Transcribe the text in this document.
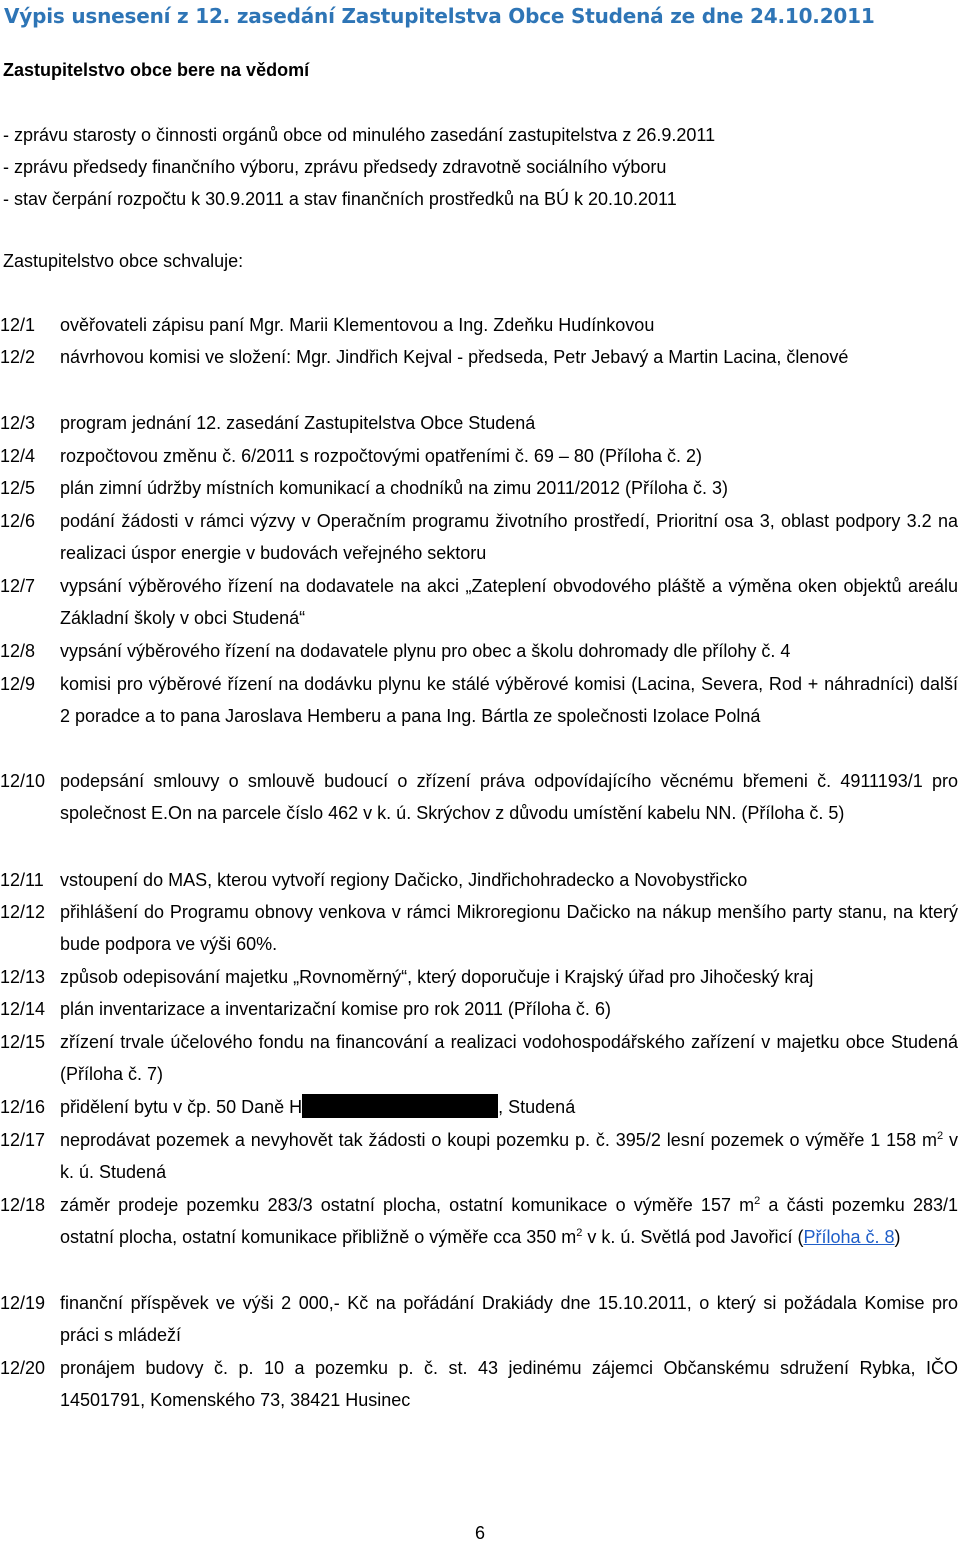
Výpis usnesení z 12. zasedání Zastupitelstva Obce Studená ze dne 24.10.2011

Zastupitelstvo obce bere na vědomí

- zprávu starosty o činnosti orgánů obce od minulého zasedání zastupitelstva z 26.9.2011

- zprávu předsedy finančního výboru, zprávu předsedy zdravotně sociálního výboru

- stav čerpání rozpočtu k 30.9.2011 a stav finančních prostředků na BÚ k 20.10.2011

Zastupitelstvo obce schvaluje:

12/1	ověřovateli zápisu paní Mgr. Marii Klementovou a Ing. Zdeňku Hudínkovou
12/2	návrhovou komisi ve složení: Mgr. Jindřich Kejval - předseda, Petr Jebavý a Martin Lacina, členové
12/3	program jednání 12. zasedání Zastupitelstva Obce Studená
12/4	rozpočtovou změnu č. 6/2011 s rozpočtovými opatřeními č. 69 – 80 (Příloha č. 2)
12/5	plán zimní údržby místních komunikací a chodníků na zimu 2011/2012 (Příloha č. 3)
12/6	podání žádosti v rámci výzvy v Operačním programu životního prostředí, Prioritní osa 3, oblast podpory 3.2 na realizaci úspor energie v budovách veřejného sektoru
12/7	vypsání výběrového řízení na dodavatele na akci „Zateplení obvodového pláště a výměna oken objektů areálu Základní školy v obci Studená“
12/8	vypsání výběrového řízení na dodavatele plynu pro obec a školu dohromady dle přílohy č. 4
12/9	komisi pro výběrové řízení na dodávku plynu ke stálé výběrové komisi (Lacina, Severa, Rod + náhradníci) další 2 poradce a to pana Jaroslava Hemberu a pana Ing. Bártla ze společnosti Izolace Polná
12/10 podepsání smlouvy o smlouvě budoucí o zřízení práva odpovídajícího věcnému břemeni č. 4911193/1 pro společnost E.On na parcele číslo 462 v k. ú. Skrýchov z důvodu umístění kabelu NN. (Příloha č. 5)
12/11 vstoupení do MAS, kterou vytvoří regiony Dačicko, Jindřichohradecko a Novobystřicko
12/12 přihlášení do Programu obnovy venkova v rámci Mikroregionu Dačicko na nákup menšího party stanu, na který bude podpora ve výši 60%.
12/13 způsob odepisování majetku „Rovnoměrný“, který doporučuje i Krajský úřad pro Jihočeský kraj
12/14 plán inventarizace a inventarizační komise pro rok 2011 (Příloha č. 6)
12/15 zřízení trvale účelového fondu na financování a realizaci vodohospodářského zařízení v majetku obce Studená (Příloha č. 7)
12/16 přidělení bytu v čp. 50 Daně H	, Studená
12/17 neprodávat pozemek a nevyhovět tak žádosti o koupi pozemku p. č. 395/2 lesní pozemek o výměře 1 158 $m^2$ v k. ú. Studená
12/18 záměr prodeje pozemku 283/3 ostatní plocha, ostatní komunikace o výměře 157 $m^2$ a části pozemku 283/1 ostatní plocha, ostatní komunikace přibližně o výměře cca 350 $m^2$ v k. ú. Světlá pod Javořicí (Příloha č. 8)
12/19 finanční příspěvek ve výši 2 000,- Kč na pořádání Drakiády dne 15.10.2011, o který si požádala Komise pro práci s mládeží
12/20 pronájem budovy č. p. 10 a pozemku p. č. st. 43 jedinému zájemci Občanskému sdružení Rybka, IČO 14501791, Komenského 73, 38421 Husinec
6
